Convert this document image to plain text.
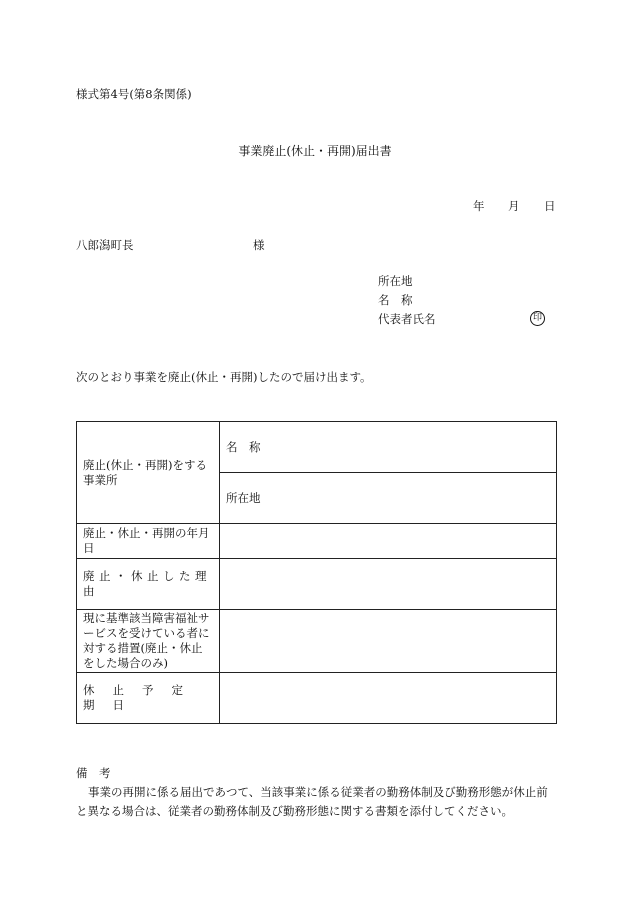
様式第4号(第8条関係)
事業廃止(休止・再開)届出書
年 月 日
八郎潟町長	様
所在地
名　称
代表者氏名	印
次のとおり事業を廃止(休止・再開)したので届け出ます。
廃止(休止・再開)をする事業所	名　称
	所在地
廃止・休止・再開の年月日	
廃止・休止した理由	
現に基準該当障害福祉サービスを受けている者に対する措置(廃止・休止をした場合のみ)	
休止予定期日	
備　考
事業の再開に係る届出であつて、当該事業に係る従業者の勤務体制及び勤務形態が休止前と異なる場合は、従業者の勤務体制及び勤務形態に関する書類を添付してください。
